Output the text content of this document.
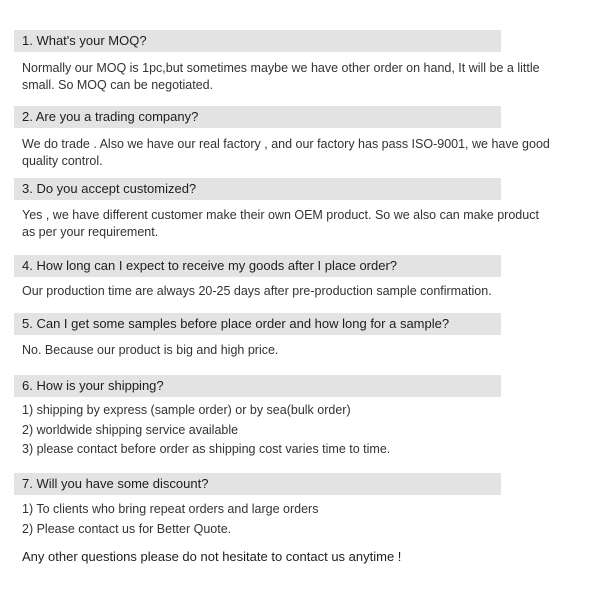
1. What's your MOQ?
Normally our MOQ is 1pc,but sometimes maybe we have other order on hand, It will be a little
small. So MOQ can be negotiated.
2. Are you a trading company?
We do trade . Also we have our real factory , and our factory has pass ISO-9001, we have good
quality control.
3. Do you accept customized?
Yes , we have different customer make their own OEM product. So we also can make product
as per your requirement.
4. How long can I expect to receive my goods after I place order?
Our production time are always 20-25 days after pre-production sample confirmation.
5. Can I get some samples before place order and how long for a sample?
No. Because our product is big and high price.
6. How is your shipping?
1) shipping by express (sample order) or by sea(bulk order)
2) worldwide shipping service available
3) please contact before order as shipping cost varies time to time.
7. Will you have some discount?
1) To clients who bring repeat orders and large orders
2) Please contact us for Better Quote.
Any other questions please do not hesitate to contact us anytime !
